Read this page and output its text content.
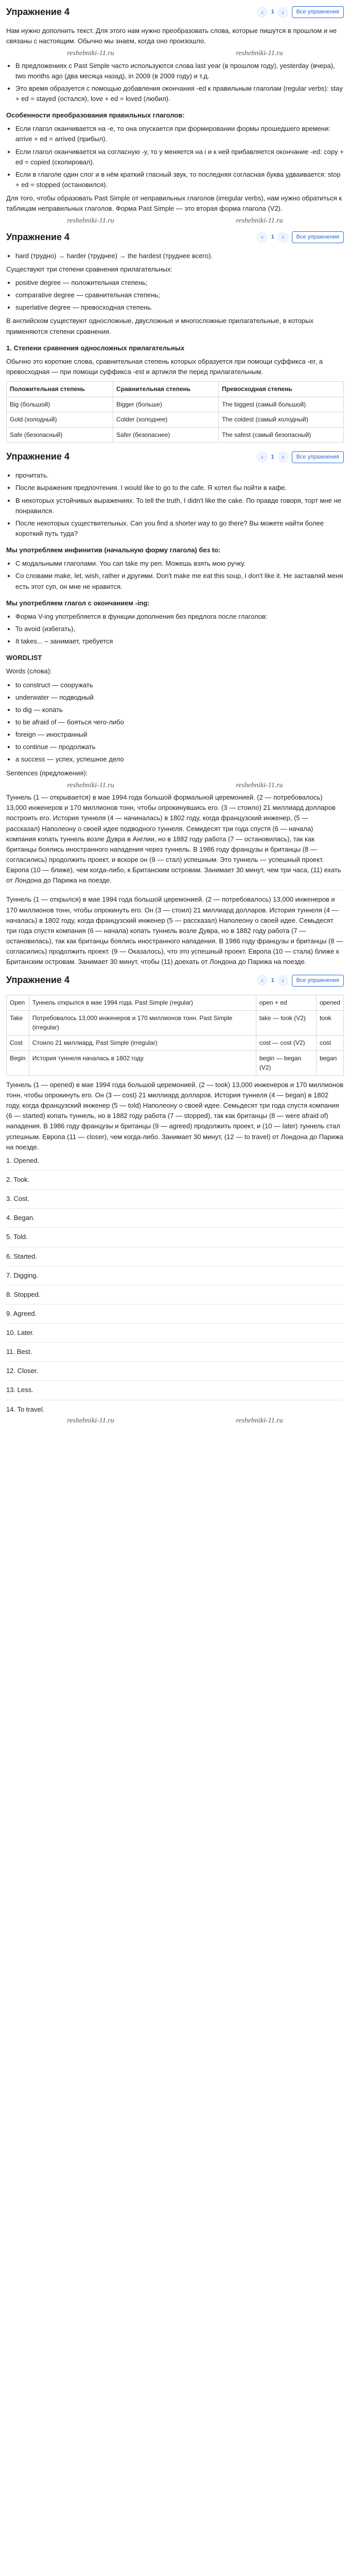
Упражнение 4	‹	1	›	Все упражнения

Нам нужно дополнить текст. Для этого нам нужно преобразовать слова, которые пишутся в прошлом и не связаны с настоящим. Обычно мы знаем, когда оно произошло.

reshebniki-11.ru	reshebniki-11.ru
• В предложениях с Past Simple часто используются слова last year (в прошлом году), yesterday (вчера), two months ago (два месяца назад), in 2009 (в 2009 году) и т.д.
• Это время образуется с помощью добавления окончания -ed к правильным глаголам (regular verbs): stay + ed = stayed (остался), love + ed = loved (любил).

Особенности преобразования правильных глаголов:

• Если глагол оканчивается на -e, то она опускается при формировании формы прошедшего времени: arrive + ed = arrived (прибыл).
• Если глагол оканчивается на согласную -y, то у меняется на i и к ней прибавляется окончание -ed: copy + ed = copied (скопировал).
• Если в глаголе один слог и в нём краткий гласный звук, то последняя согласная буква удваивается: stop + ed = stopped (остановился).

Для того, чтобы образовать Past Simple от неправильных глаголов (irregular verbs), нам нужно обратиться к таблицам неправильных глаголов. Форма Past Simple — это вторая форма глагола (V2).

reshebniki-11.ru	reshebniki-11.ru
Упражнение 4	‹	1	›	Все упражнения
• hard (трудно) → harder (труднее) → the hardest (труднее всего).

Существуют три степени сравнения прилагательных:

• positive degree — положительная степень;
• comparative degree — сравнительная степень;
• superlative degree — превосходная степень.

В английском существуют односложные, двусложные и многосложные прилагательные, в которых применяются степени сравнения.

1. Степени сравнения односложных прилагательных

Обычно это короткие слова, сравнительная степень которых образуется при помощи суффикса -er, а превосходная — при помощи суффикса -est и артикля the перед прилагательным.

Положительная степень	Сравнительная степень	Превосходная степень
Big (большой)	Bigger (больше)	The biggest (самый большой)
Gold (холодный)	Colder (холоднее)	The coldest (самый холодный)
Safe (безопасный)	Safer (безопаснее)	The safest (самый безопасный)
Упражнение 4	‹	1	›	Все упражнения
• прочитать.
• После выражения предпочтения. I would like to go to the cafe. Я хотел бы пойти в кафе.
• В некоторых устойчивых выражениях. To tell the truth, I didn't like the cake. По правде говоря, торт мне не понравился.
• После некоторых существительных. Can you find a shorter way to go there? Вы можете найти более короткий путь туда?

Мы употребляем инфинитив (начальную форму глагола) без to:

• С модальными глаголами. You can take my pen. Можешь взять мою ручку.
• Со словами make, let, wish, rather и другими. Don't make me eat this soup, I don't like it. Не заставляй меня есть этот суп, он мне не нравится.

Мы употребляем глагол с окончанием -ing:

• Форма V-ing употребляется в функции дополнения без предлога после глаголов:
• To avoid (избегать),
• It takes... – занимает, требуется

WORDLIST

Words (слова):

• to construct — сооружать
• underwater — подводный
• to dig — копать
• to be afraid of — бояться чего-либо
• foreign — иностранный
• to continue — продолжать
• a success — успех, успешное дело

Sentences (предложения):

reshebniki-11.ru	reshebniki-11.ru

Туннель (1 — открывается) в мае 1994 года большой формальной церемонией. (2 — потребовалось) 13,000 инженеров и 170 миллионов тонн, чтобы опрокинувшись его. (3 — стоило) 21 миллиард долларов построить его. История туннеля (4 — начиналась) в 1802 году, когда французский инженер, (5 — рассказал) Наполеону о своей идее подводного туннеля. Семидесят три года спустя (6 — начала) компания копать туннель возле Дувра в Англии, но в 1882 году работа (7 — остановилась), так как британцы боялись иностранного нападения через туннель. В 1986 году французы и британцы (8 — согласились) продолжить проект, и вскоре он (9 — стал) успешным. Это туннель — успешный проект. Европа (10 — ближе), чем когда-либо, к Британским островам. Занимает 30 минут, чем три часа, (11) ехать от Лондона до Парижа на поезде.

Туннель (1 — открылся) в мае 1994 года большой церемонией. (2 — потребовалось) 13,000 инженеров и 170 миллионов тонн, чтобы опрокинуть его. Он (3 — стоил) 21 миллиард долларов. История туннеля (4 — началась) в 1802 году, когда французский инженер (5 — рассказал) Наполеону о своей идее. Семьдесят три года спустя компания (6 — начала) копать туннель возле Дувра, но в 1882 году работа (7 — остановилась), так как британцы боялись иностранного нападения. В 1986 году французы и британцы (8 — согласились) продолжить проект. (9 — Оказалось), что это успешный проект. Европа (10 — стала) ближе к Британским островам. Занимает 30 минут, чтобы (11) доехать от Лондона до Парижа на поезде.

Упражнение 4	‹	1	›	Все упражнения
Open	Туннель открылся в мае 1994 года. Past Simple (regular)	open + ed	opened
Take	Потребовалось 13,000 инженеров и 170 миллионов тонн. Past Simple (irregular)	take — took (V2)	took
Cost	Стоило 21 миллиард. Past Simple (irregular)	cost — cost (V2)	cost
Begin	История туннеля началась в 1802 году	begin — began (V2)	began

Туннель (1 — opened) в мае 1994 года большой церемонией. (2 — took) 13,000 инженеров и 170 миллионов тонн, чтобы опрокинуть его. Он (3 — cost) 21 миллиард долларов. История туннеля (4 — began) в 1802 году, когда французский инженер (5 — told) Наполеону о своей идее. Семьдесят три года спустя компания (6 — started) копать туннель, но в 1882 году работа (7 — stopped), так как британцы (8 — were afraid of) нападения. В 1986 году французы и британцы (9 — agreed) продолжить проект, и (10 — later) туннель стал успешным. Европа (11 — closer), чем когда-либо. Занимает 30 минут, (12 — to travel) от Лондона до Парижа на поезде.

1. Opened.

2. Took.

3. Cost.

4. Began.

5. Told.

6. Started.

7. Digging.

8. Stopped.

9. Agreed.

10. Later.

11. Best.

12. Closer.

13. Less.

14. To travel.

reshebniki-11.ru	reshebniki-11.ru
